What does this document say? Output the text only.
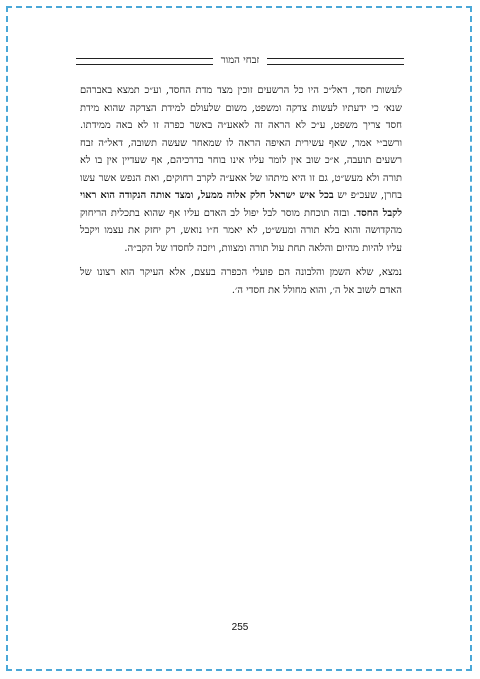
זבחי המור

לעשות חסד, דאל״כ היו כל הרשעים זוכין מצד מדת החסד, וע״כ תמצא באברהם שנא׳ כי ידעתיו לעשות צדקה ומשפט, משום שלעולם למידת הצדקה שהוא מידת חסד צריך משפט, ע״כ לא הראה זה לאאע״ה באשר כפרה זו לא באה ממידתו. ורשב״י אמר, שאף עשירית האיפה הראה לו שמאחר שעשה תשובה, דאל״ה זבח רשעים תועבה, א״כ שוב אין לומר עליו אינו בוחר בדרכיהם, אף שעדיין אין בו לא תורה ולא מעש״ט, גם זו היא מיתהו של אאע״ה לקרב רחוקים, ואת הנפש אשר עשו בחרן, שעכ״פ יש בכל איש ישראל חלק אלוה ממעל, ומצד אותה הנקודה הוא ראוי לקבל החסד. ובזה תוכחת מוסר לבל יפול לב האדם עליו אף שהוא בתכלית הריחוק מהקדושה והוא בלא תורה ומעש״ט, לא יאמר ח״ו נואש, רק יחזק את עצמו ויקבל עליו להיות מהיום והלאה תחת עול תורה ומצוות, ויזכה לחסדו של הקב״ה.

נמצא, שלא השמן והלבונה הם פועלי הכפרה בעצם, אלא העיקר הוא רצונו של האדם לשוב אל ה׳, והוא מחולל את חסדי ה׳.

255
